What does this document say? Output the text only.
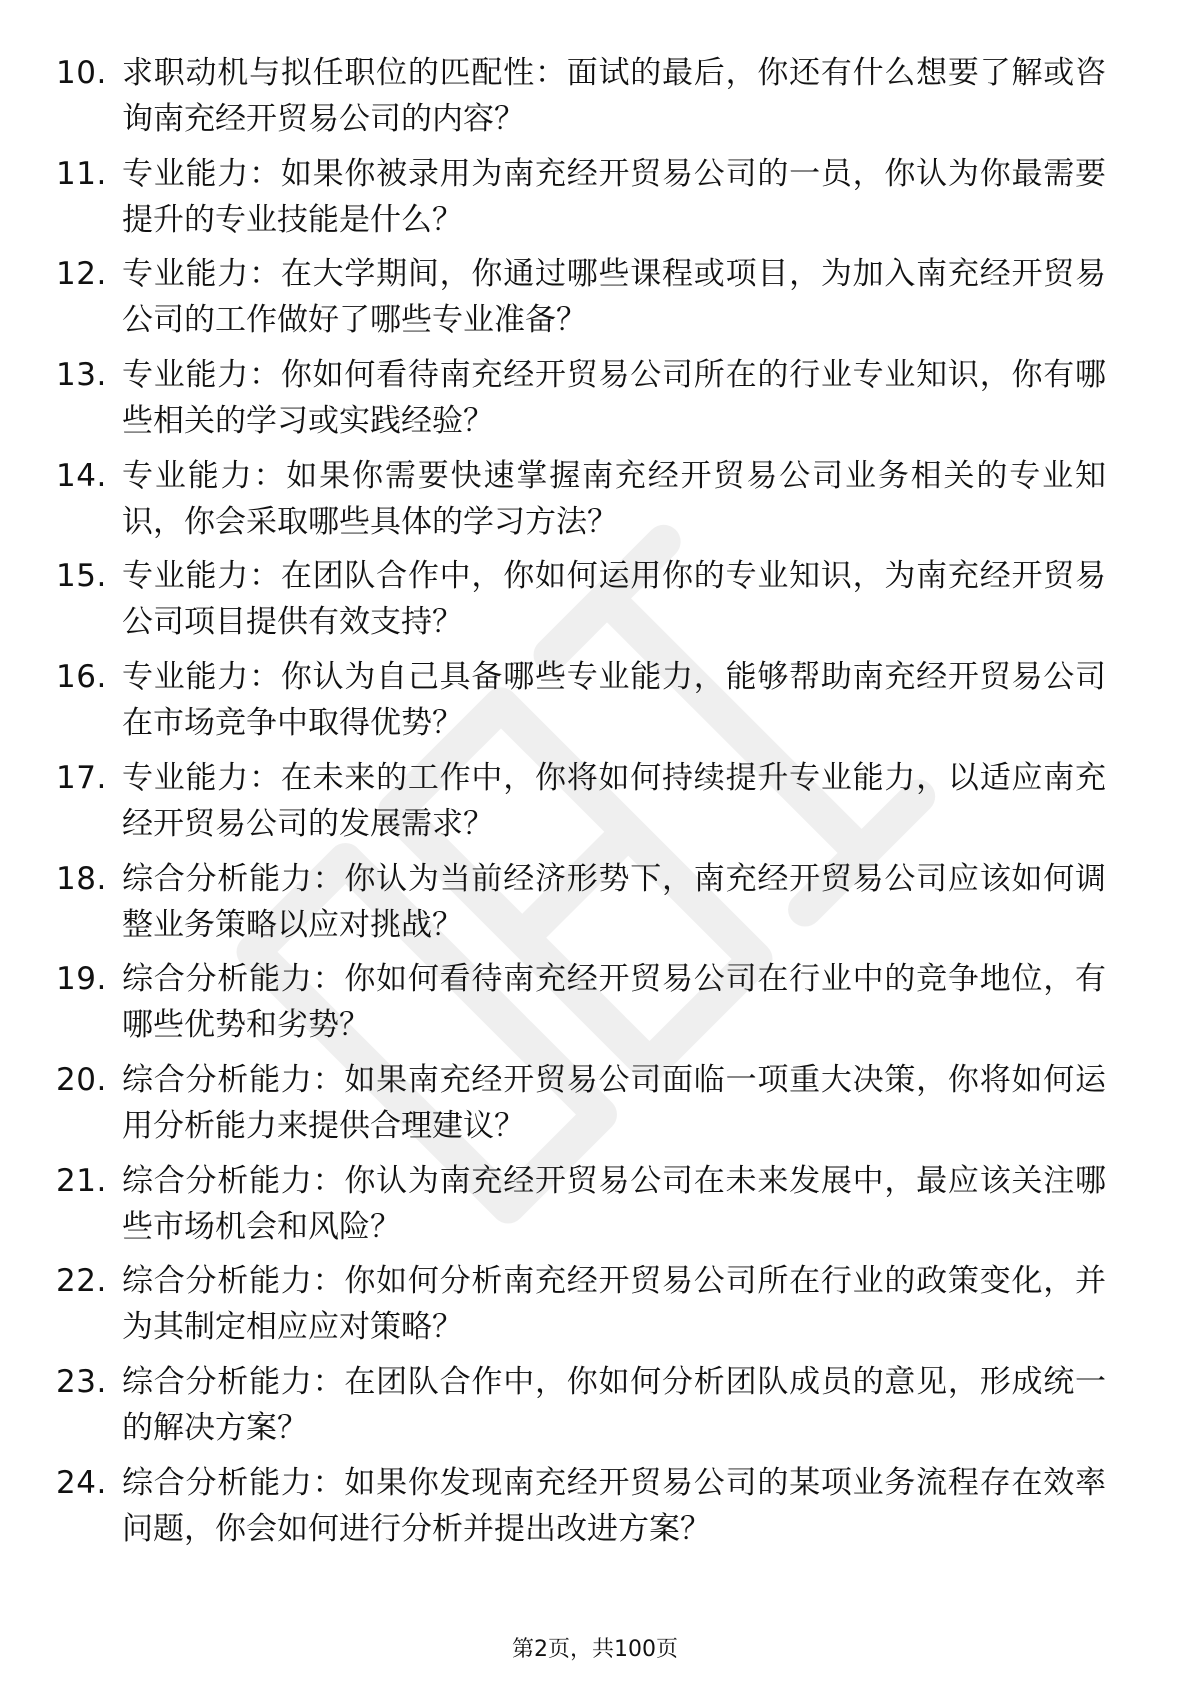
10. 求职动机与拟任职位的匹配性：面试的最后，你还有什么想要了解或咨询南充经开贸易公司的内容？
11. 专业能力：如果你被录用为南充经开贸易公司的一员，你认为你最需要提升的专业技能是什么？
12. 专业能力：在大学期间，你通过哪些课程或项目，为加入南充经开贸易公司的工作做好了哪些专业准备？
13. 专业能力：你如何看待南充经开贸易公司所在的行业专业知识，你有哪些相关的学习或实践经验？
14. 专业能力：如果你需要快速掌握南充经开贸易公司业务相关的专业知识，你会采取哪些具体的学习方法？
15. 专业能力：在团队合作中，你如何运用你的专业知识，为南充经开贸易公司项目提供有效支持？
16. 专业能力：你认为自己具备哪些专业能力，能够帮助南充经开贸易公司在市场竞争中取得优势？
17. 专业能力：在未来的工作中，你将如何持续提升专业能力，以适应南充经开贸易公司的发展需求？
18. 综合分析能力：你认为当前经济形势下，南充经开贸易公司应该如何调整业务策略以应对挑战？
19. 综合分析能力：你如何看待南充经开贸易公司在行业中的竞争地位，有哪些优势和劣势？
20. 综合分析能力：如果南充经开贸易公司面临一项重大决策，你将如何运用分析能力来提供合理建议？
21. 综合分析能力：你认为南充经开贸易公司在未来发展中，最应该关注哪些市场机会和风险？
22. 综合分析能力：你如何分析南充经开贸易公司所在行业的政策变化，并为其制定相应应对策略？
23. 综合分析能力：在团队合作中，你如何分析团队成员的意见，形成统一的解决方案？
24. 综合分析能力：如果你发现南充经开贸易公司的某项业务流程存在效率问题，你会如何进行分析并提出改进方案？
第2页，共100页
